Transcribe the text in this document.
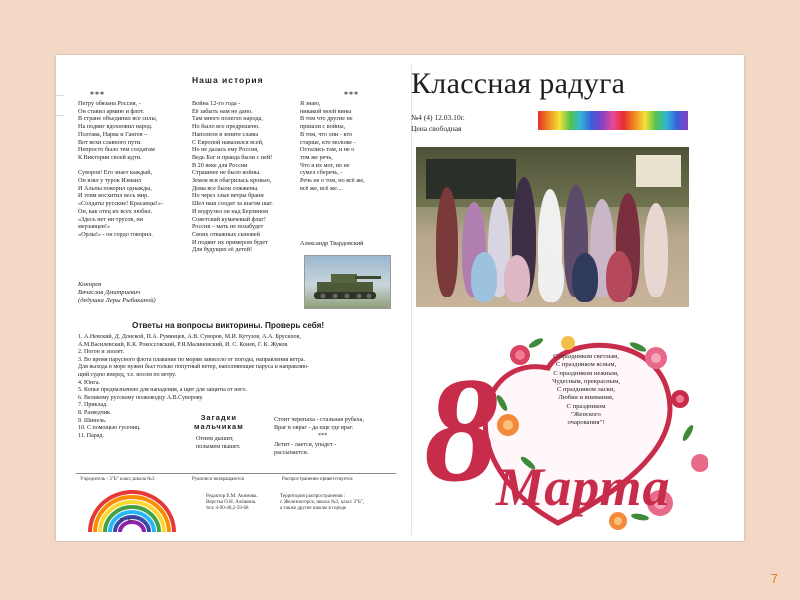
***
Петру обязана Россия, -
Он ставил армию и флот.
В стране объединил все силы,
На подвиг вдохновил народ.
Полтава, Нарва и Гангея –
Вот вехи славного пути.
Непросто было тем солдатам
К Виктории своей идти.

Суворов! Его знает каждый,
Он взял у турок Измаил
И Альпы покорил однажды,
И этим восхитил весь мир.
«Солдаты русские! Красавцы!»-
Он, как отец их всех любил.
«Здесь нет ни трусов, ни
мерзавцев!»
«Орлы!» - он гордо говорил.
Конорев
Вячеслав Дмитриевич
(дедушка Леры Рыбакиной)
Наша история
Война 12-го года -
Её забыть нам не дано.
Там много полегло народа,
Но было все предрешено.
Наполеон в зените славы
С Европой навалился всей,
Но не далась ему Россия,
Ведь Бог и правда были с ней!
В 20 веке для России
Страшнее не было войны.
Земля вся обагрилась кровью,
Дома все были сожжены.
Но через злые ветры брани
Шел наш солдат за шагом шаг.
И водрузил он над Берлином
Советский кумачевый флаг!
Россия – мать не позабудет
Своих отважных сыновей
И подвиг их примером будет
Для будущих её детей!
***
Я знаю,
никакой моей вины
В том что другие не
пришли с войны,
В том, что они - кто
старше, кто моложе -
Остались там, и не о
том же речь,
Что я их мог, но не
сумел сберечь, -
Речь не о том, но всё же,
всё же, всё же....
Александр Твардовский
Ответы на вопросы викторины. Проверь себя!
1. А.Невский, Д. Донской, П.А. Румянцев, А.В. Суворов, М.И. Кутузов, А.А. Брусилов,
А.М.Василевский, К.К. Рокоссовский, Р.Я.Малиновский, И. С. Конев, Г. К. Жуков.
2. Погон и эполет.
3. Во время парусного флота плавание по морям зависело от погоды, направления ветра.
Для выхода в море нужен был только попутный ветер, наполняющие паруса и направляю-
щий судно вперед, т.е. носом по ветру.
4. Юнга.
5. Копье предназначено для нападения, а щит для защиты от него.
6. Великому русскому полководцу А.В.Суворову.
7. Приклад.
8. Разведчик.
9. Шинель.
10. С помощью гусениц.
11. Парад.
Загадки
мальчикам
Огнем дышит,
полымем пышет.
Стоит черепаха - стальная рубаха,
Враг в овраг - да еще где враг.
***
Летит - лается, упадет -
рассыпается.
Учредитель - 3"Б" класс,школа №3	Рукописи возвращаются	Распространение приветствуется
3 "Б"
Редактор Е.М. Акимова.
Верстка О.Н. Алёшина.
тел: 4-90-40,2-59-68
Территория распространения :
г. Железногорск, школа №3, класс 3"Б",
а также другие школы в городе
Классная радуга
№4 (4) 12.03.10г.
Цена свободная
С праздником светлым,
С праздником ясным,
С праздником нежным,
Чудесным, прекрасным,
С праздником ласки,
Любви и внимания,
С праздником
"Женского
очарования"!
8
Марта
7
